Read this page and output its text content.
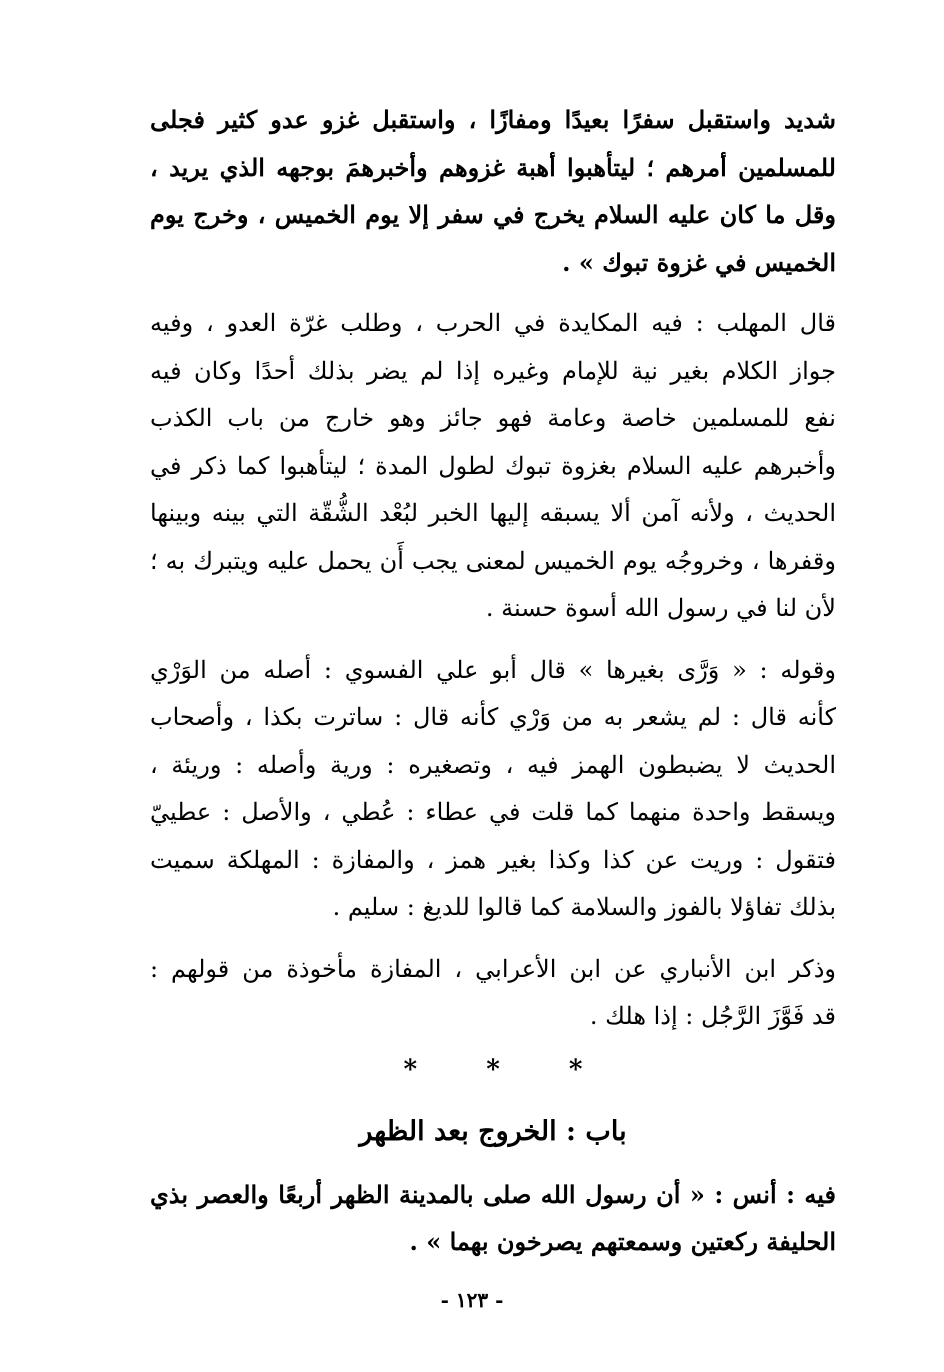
شديد واستقبل سفرًا بعيدًا ومفازًا ، واستقبل غزو عدو كثير فجلى
للمسلمين أمرهم ؛ ليتأهبوا أهبة غزوهم وأخبرهمَ بوجهه الذي يريد ،
وقل ما كان عليه السلام يخرج في سفر إلا يوم الخميس ، وخرج يوم
الخميس في غزوة تبوك » .
قال المهلب : فيه المكايدة في الحرب ، وطلب غرّة العدو ، وفيه
جواز الكلام بغير نية للإمام وغيره إذا لم يضر بذلك أحدًا وكان فيه
نفع للمسلمين خاصة وعامة فهو جائز وهو خارج من باب الكذب
وأخبرهم عليه السلام بغزوة تبوك لطول المدة ؛ ليتأهبوا كما ذكر في
الحديث ، ولأنه آمن ألا يسبقه إليها الخبر لبُعْد الشُّقّة التي بينه وبينها
وقفرها ، وخروجُه يوم الخميس لمعنى يجب أَن يحمل عليه ويتبرك به ؛
لأن لنا في رسول الله أسوة حسنة .
وقوله : « وَرَّى بغيرها » قال أبو علي الفسوي : أصله من الوَرْي
كأنه قال : لم يشعر به من وَرْي كأنه قال : ساترت بكذا ، وأصحاب
الحديث لا يضبطون الهمز فيه ، وتصغيره : ورية وأصله : وريئة ،
ويسقط واحدة منهما كما قلت في عطاء : عُطي ، والأصل : عطييّ
فتقول : وريت عن كذا وكذا بغير همز ، والمفازة : المهلكة سميت
بذلك تفاؤلا بالفوز والسلامة كما قالوا للديغ : سليم .
وذكر ابن الأنباري عن ابن الأعرابي ، المفازة مأخوذة من قولهم :
قد فَوَّزَ الرَّجُل : إذا هلك .
*	*	*
باب : الخروج بعد الظهر
فيه : أنس : « أن رسول الله صلى بالمدينة الظهر أربعًا والعصر بذي
الحليفة ركعتين وسمعتهم يصرخون بهما » .
- ١٢٣ -
